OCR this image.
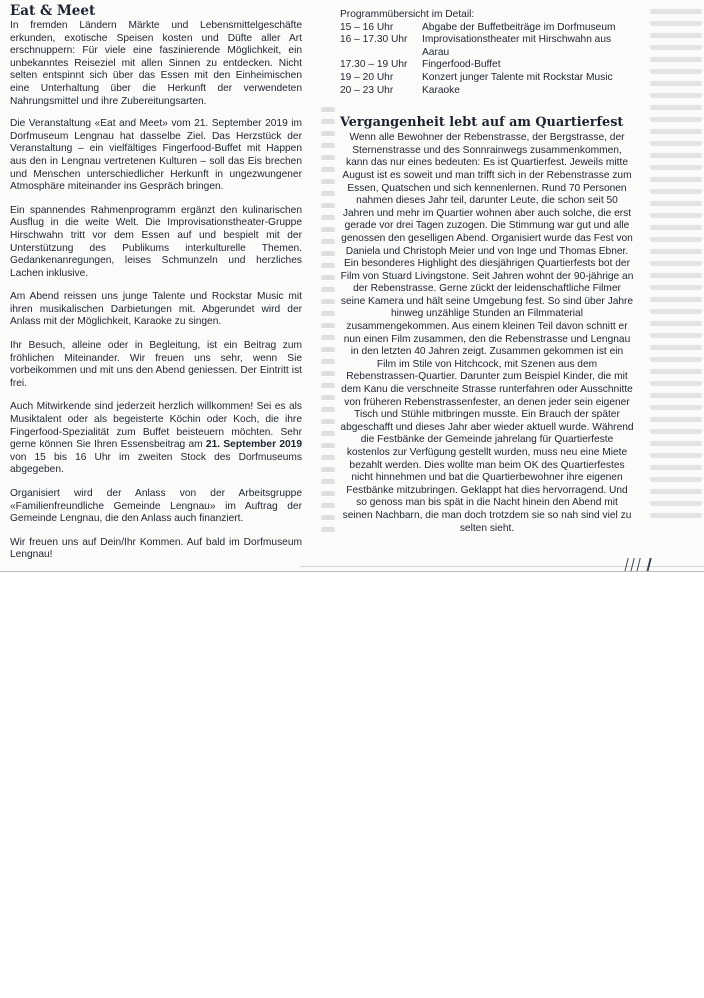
Eat & Meet

In fremden Ländern Märkte und Lebensmittelgeschäfte erkunden, exotische Speisen kosten und Düfte aller Art erschnuppern: Für viele eine faszinierende Möglichkeit, ein unbekanntes Reiseziel mit allen Sinnen zu entdecken. Nicht selten entspinnt sich über das Essen mit den Einheimischen eine Unterhaltung über die Herkunft der verwendeten Nahrungsmittel und ihre Zubereitungsarten.

Die Veranstaltung «Eat and Meet» vom 21. September 2019 im Dorfmuseum Lengnau hat dasselbe Ziel. Das Herzstück der Veranstaltung – ein vielfältiges Fingerfood-Buffet mit Happen aus den in Lengnau vertretenen Kulturen – soll das Eis brechen und Menschen unterschiedlicher Herkunft in ungezwungener Atmosphäre miteinander ins Gespräch bringen.

Ein spannendes Rahmenprogramm ergänzt den kulinarischen Ausflug in die weite Welt. Die Improvisationstheater-Gruppe Hirschwahn tritt vor dem Essen auf und bespielt mit der Unterstützung des Publikums interkulturelle Themen. Gedankenanregungen, leises Schmunzeln und herzliches Lachen inklusive.

Am Abend reissen uns junge Talente und Rockstar Music mit ihren musikalischen Darbietungen mit. Abgerundet wird der Anlass mit der Möglichkeit, Karaoke zu singen.

Ihr Besuch, alleine oder in Begleitung, ist ein Beitrag zum fröhlichen Miteinander. Wir freuen uns sehr, wenn Sie vorbeikommen und mit uns den Abend geniessen. Der Eintritt ist frei.

Auch Mitwirkende sind jederzeit herzlich willkommen! Sei es als Musiktalent oder als begeisterte Köchin oder Koch, die ihre Fingerfood-Spezialität zum Buffet beisteuern möchten. Sehr gerne können Sie Ihren Essensbeitrag am 21. September 2019 von 15 bis 16 Uhr im zweiten Stock des Dorfmuseums abgegeben.

Organisiert wird der Anlass von der Arbeitsgruppe «Familienfreundliche Gemeinde Lengnau» im Auftrag der Gemeinde Lengnau, die den Anlass auch finanziert.

Wir freuen uns auf Dein/Ihr Kommen. Auf bald im Dorfmuseum Lengnau!

Programmübersicht im Detail:
15 – 16 Uhr	Abgabe der Buffetbeiträge im Dorfmuseum
16 – 17.30 Uhr	Improvisationstheater mit Hirschwahn aus Aarau
17.30 – 19 Uhr	Fingerfood-Buffet
19 – 20 Uhr	Konzert junger Talente mit Rockstar Music
20 – 23 Uhr	Karaoke
Vergangenheit lebt auf am Quartierfest

Wenn alle Bewohner der Rebenstrasse, der Bergstrasse, der Sternenstrasse und des Sonnrainwegs zusammenkommen, kann das nur eines bedeuten: Es ist Quartierfest. Jeweils mitte August ist es soweit und man trifft sich in der Rebenstrasse zum Essen, Quatschen und sich kennenlernen. Rund 70 Personen nahmen dieses Jahr teil, darunter Leute, die schon seit 50 Jahren und mehr im Quartier wohnen aber auch solche, die erst gerade vor drei Tagen zuzogen. Die Stimmung war gut und alle genossen den geselligen Abend. Organisiert wurde das Fest von Daniela und Christoph Meier und von Inge und Thomas Ebner. Ein besonderes Highlight des diesjährigen Quartierfests bot der Film von Stuard Livingstone. Seit Jahren wohnt der 90-jährige an der Rebenstrasse. Gerne zückt der leidenschaftliche Filmer seine Kamera und hält seine Umgebung fest. So sind über Jahre hinweg unzählige Stunden an Filmmaterial zusammengekommen. Aus einem kleinen Teil davon schnitt er nun einen Film zusammen, den die Rebenstrasse und Lengnau in den letzten 40 Jahren zeigt. Zusammen gekommen ist ein Film im Stile von Hitchcock, mit Szenen aus dem Rebenstrassen-Quartier. Darunter zum Beispiel Kinder, die mit dem Kanu die verschneite Strasse runterfahren oder Ausschnitte von früheren Rebenstrassenfester, an denen jeder sein eigener Tisch und Stühle mitbringen musste. Ein Brauch der später abgeschafft und dieses Jahr aber wieder aktuell wurde. Während die Festbänke der Gemeinde jahrelang für Quartierfeste kostenlos zur Verfügung gestellt wurden, muss neu eine Miete bezahlt werden. Dies wollte man beim OK des Quartierfestes nicht hinnehmen und bat die Quartierbewohner ihre eigenen Festbänke mitzubringen. Geklappt hat dies hervorragend. Und so genoss man bis spät in die Nacht hinein den Abend mit seinen Nachbarn, die man doch trotzdem sie so nah sind viel zu selten sieht.
